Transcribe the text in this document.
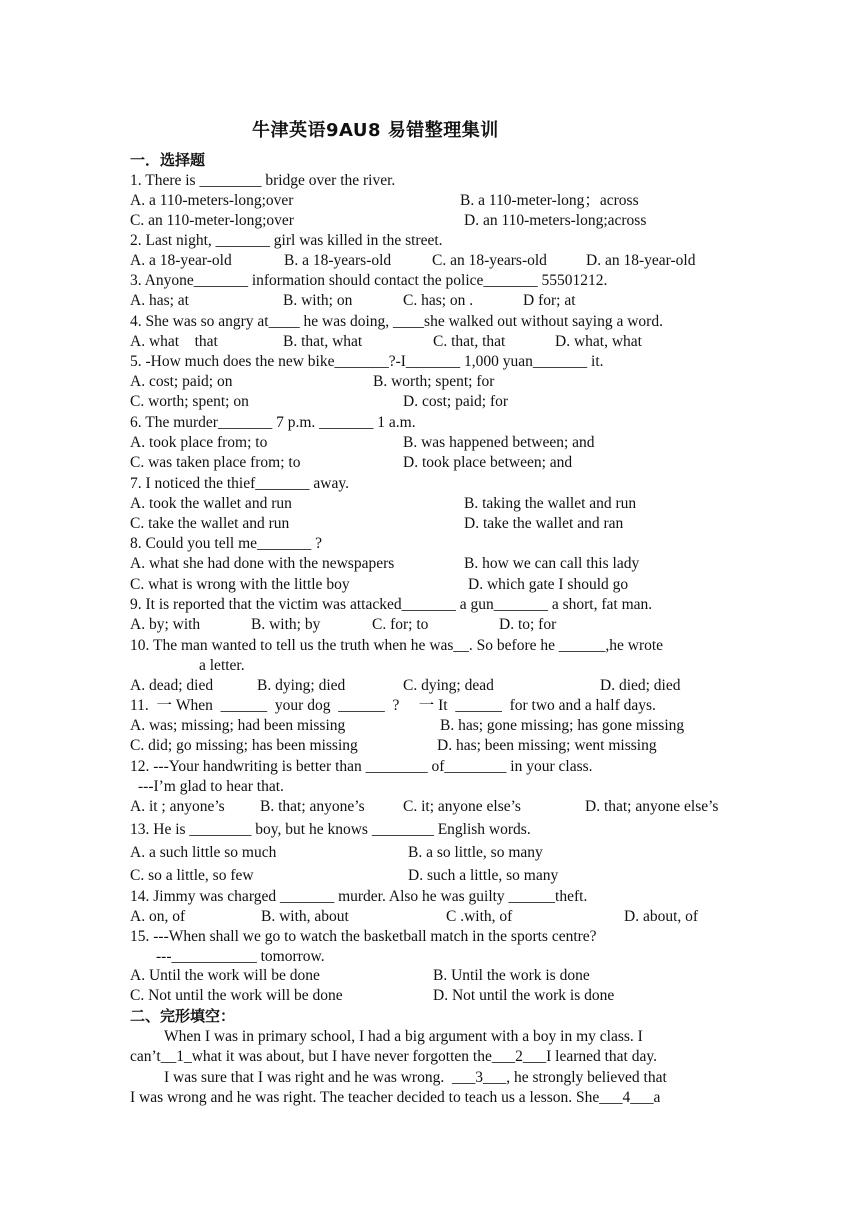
牛津英语9AU8 易错整理集训
一．选择题
1. There is ________ bridge over the river.
A. a 110-meters-long;over	B. a 110-meter-long；across
C. an 110-meter-long;over	D. an 110-meters-long;across
2. Last night, _______ girl was killed in the street.
A. a 18-year-old	B. a 18-years-old	C. an 18-years-old	D. an 18-year-old
3. Anyone_______ information should contact the police_______ 55501212.
A. has; at	B. with; on	C. has; on .	D for; at
4. She was so angry at____ he was doing, ____she walked out without saying a word.
A. what    that	B. that, what	C. that, that	D. what, what
5. -How much does the new bike_______?-I_______ 1,000 yuan_______ it.
A. cost; paid; on	B. worth; spent; for
C. worth; spent; on	D. cost; paid; for
6. The murder_______ 7 p.m. _______ 1 a.m.
A. took place from; to	B. was happened between; and
C. was taken place from; to	D. took place between; and
7. I noticed the thief_______ away.
A. took the wallet and run	B. taking the wallet and run
C. take the wallet and run	D. take the wallet and ran
8. Could you tell me_______ ?
A. what she had done with the newspapers	B. how we can call this lady
C. what is wrong with the little boy	D. which gate I should go
9. It is reported that the victim was attacked_______ a gun_______ a short, fat man.
A. by; with	B. with; by	C. for; to	D. to; for
10. The man wanted to tell us the truth when he was__. So before he ______,he wrote
a letter.
A. dead; died	B. dying; died	C. dying; dead	D. died; died
11.  一 When  ______  your dog  ______  ?     一 It  ______  for two and a half days.
A. was; missing; had been missing	B. has; gone missing; has gone missing
C. did; go missing; has been missing	D. has; been missing; went missing
12. ---Your handwriting is better than ________ of________ in your class.
---I’m glad to hear that.
A. it ; anyone’s B. that; anyone’s C. it; anyone else’s	D. that; anyone else’s
13. He is ________ boy, but he knows ________ English words.
A. a such little so much	B. a so little, so many
C. so a little, so few	D. such a little, so many
14. Jimmy was charged _______ murder. Also he was guilty ______theft.
A. on, of	B. with, about	C .with, of	D. about, of
15. ---When shall we go to watch the basketball match in the sports centre?
---___________ tomorrow.
A. Until the work will be done	B. Until the work is done
C. Not until the work will be done	D. Not until the work is done
二、完形填空：
When I was in primary school, I had a big argument with a boy in my class. I
can’t__1_what it was about, but I have never forgotten the___2___I learned that day.
I was sure that I was right and he was wrong.  ___3___, he strongly believed that
I was wrong and he was right. The teacher decided to teach us a lesson. She___4___a
